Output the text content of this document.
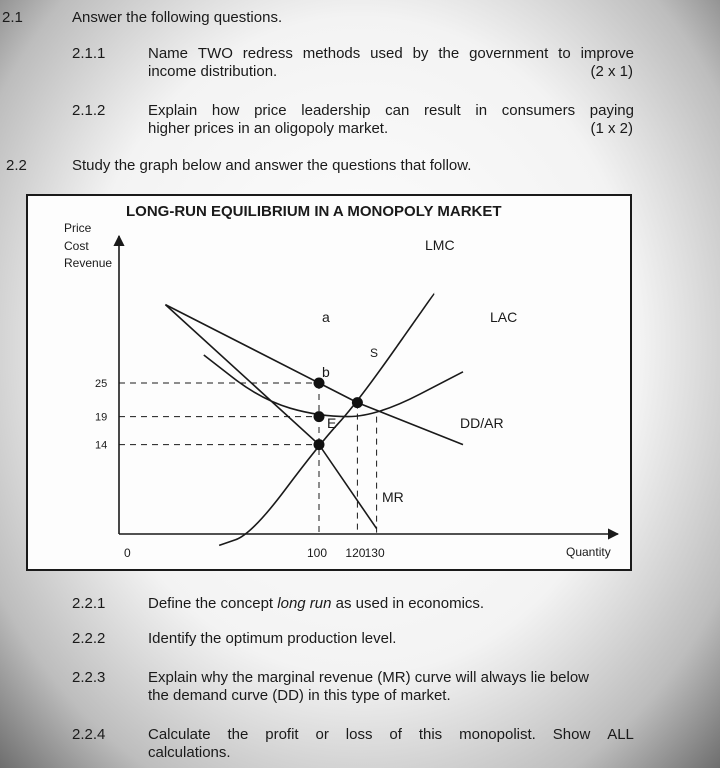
2.1	Answer the following questions.
2.1.1	Name TWO redress methods used by the government to improve
income distribution.	(2 x 1)
2.1.2	Explain how price leadership can result in consumers paying
higher prices in an oligopoly market.	(1 x 2)
2.2	Study the graph below and answer the questions that follow.
LONG-RUN EQUILIBRIUM IN A MONOPOLY MARKET
Price
Cost
Revenue
0	Quantity
25
19
14
100 120 130
LMC
LAC
DD/AR
MR
a
b
S
E
2.2.1	Define the concept long run as used in economics.
2.2.2	Identify the optimum production level.
2.2.3	Explain why the marginal revenue (MR) curve will always lie below
the demand curve (DD) in this type of market.
2.2.4	Calculate the profit or loss of this monopolist. Show ALL
calculations.
